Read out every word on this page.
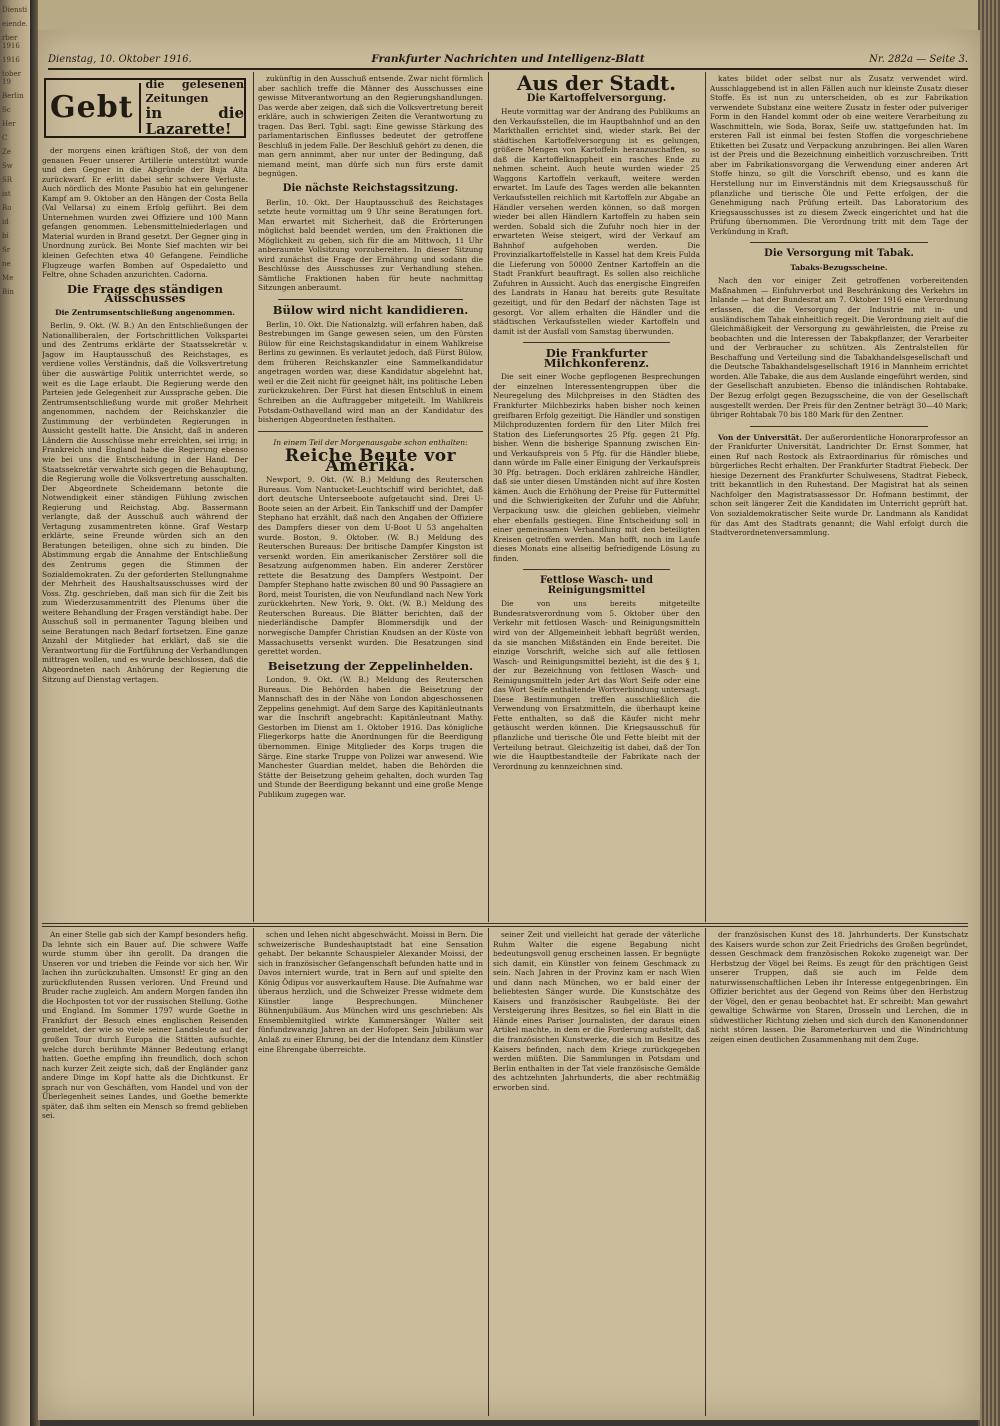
Diensti
eiende.
rber 1916
1916
tober 19
Berlin
Sc
Her
C
Ze
Sw
SR
ist
Ro
id
bi
Sr
ne
Me
Bin
Dienstag, 10. Oktober 1916.	Frankfurter Nachrichten und Intelligenz-Blatt	Nr. 282a — Seite 3.
Gebt
die gelesenen Zeitungen
in die Lazarette!

der morgens einen kräftigen Stoß, der von dem genauen Feuer unserer Artillerie unterstützt wurde und den Gegner in die Abgründe der Buja Alta zurückwarf. Er erlitt dabei sehr schwere Verluste. Auch nördlich des Monte Pasubio hat ein gelungener Kampf am 9. Oktober an den Hängen der Costa Bella (Val Vellarsa) zu einem Erfolg geführt. Bei dem Unternehmen wurden zwei Offiziere und 100 Mann gefangen genommen. Lebensmittelniederlagen und Material wurden in Brand gesetzt. Der Gegner ging in Unordnung zurück. Bei Monte Sief machten wir bei kleinen Gefechten etwa 40 Gefangene. Feindliche Flugzeuge warfen Bomben auf Ospedaletto und Feltre, ohne Schaden anzurichten. Cadorna.

Die Frage des ständigen Ausschusses
Die Zentrumsentschließung angenommen.

Berlin, 9. Okt. (W. B.) An den Entschließungen der Nationalliberalen, der Fortschrittlichen Volkspartei und des Zentrums erklärte der Staatssekretär v. Jagow im Hauptausschuß des Reichstages, es verdiene volles Verständnis, daß die Volksvertretung über die auswärtige Politik unterrichtet werde, so weit es die Lage erlaubt. Die Regierung werde den Parteien jede Gelegenheit zur Aussprache geben. Die Zentrumsentschließung wurde mit großer Mehrheit angenommen, nachdem der Reichskanzler die Zustimmung der verbündeten Regierungen in Aussicht gestellt hatte. Die Ansicht, daß in anderen Ländern die Ausschüsse mehr erreichten, sei irrig; in Frankreich und England habe die Regierung ebenso wie bei uns die Entscheidung in der Hand. Der Staatssekretär verwahrte sich gegen die Behauptung, die Regierung wolle die Volksvertretung ausschalten. Der Abgeordnete Scheidemann betonte die Notwendigkeit einer ständigen Fühlung zwischen Regierung und Reichstag. Abg. Bassermann verlangte, daß der Ausschuß auch während der Vertagung zusammentreten könne. Graf Westarp erklärte, seine Freunde würden sich an den Beratungen beteiligen, ohne sich zu binden. Die Abstimmung ergab die Annahme der Entschließung des Zentrums gegen die Stimmen der Sozialdemokraten. Zu der geforderten Stellungnahme der Mehrheit des Haushaltsausschusses wird der Voss. Ztg. geschrieben, daß man sich für die Zeit bis zum Wiederzusammentritt des Plenums über die weitere Behandlung der Fragen verständigt habe. Der Ausschuß soll in permanenter Tagung bleiben und seine Beratungen nach Bedarf fortsetzen. Eine ganze Anzahl der Mitglieder hat erklärt, daß sie die Verantwortung für die Fortführung der Verhandlungen mittragen wollen, und es wurde beschlossen, daß die Abgeordneten nach Anhörung der Regierung die Sitzung auf Dienstag vertagen.

zukünftig in den Ausschuß entsende. Zwar nicht förmlich aber sachlich treffe die Männer des Ausschusses eine gewisse Mitverantwortung an den Regierungshandlungen. Das werde aber zeigen, daß sich die Volksvertretung bereit erkläre, auch in schwierigen Zeiten die Verantwortung zu tragen. Das Berl. Tgbl. sagt: Eine gewisse Stärkung des parlamentarischen Einflusses bedeutet der getroffene Beschluß in jedem Falle. Der Beschluß gehört zu denen, die man gern annimmt, aber nur unter der Bedingung, daß niemand meint, man dürfe sich nun fürs erste damit begnügen.

Die nächste Reichstagssitzung.

Berlin, 10. Okt. Der Hauptausschuß des Reichstages setzte heute vormittag um 9 Uhr seine Beratungen fort. Man erwartet mit Sicherheit, daß die Erörterungen möglichst bald beendet werden, um den Fraktionen die Möglichkeit zu geben, sich für die am Mittwoch, 11 Uhr anberaumte Vollsitzung vorzubereiten. In dieser Sitzung wird zunächst die Frage der Ernährung und sodann die Beschlüsse des Ausschusses zur Verhandlung stehen. Sämtliche Fraktionen haben für heute nachmittag Sitzungen anberaumt.

Bülow wird nicht kandidieren.

Berlin, 10. Okt. Die Nationalztg. will erfahren haben, daß Bestrebungen im Gange gewesen seien, um den Fürsten Bülow für eine Reichstagskandidatur in einem Wahlkreise Berlins zu gewinnen. Es verlautet jedoch, daß Fürst Bülow, dem früheren Reichskanzler eine Sammelkandidatur angetragen worden war, diese Kandidatur abgelehnt hat, weil er die Zeit nicht für geeignet hält, ins politische Leben zurückzukehren. Der Fürst hat diesen Entschluß in einem Schreiben an die Auftraggeber mitgeteilt. Im Wahlkreis Potsdam-Osthavelland wird man an der Kandidatur des bisherigen Abgeordneten festhalten.

In einem Teil der Morgenausgabe schon enthalten:
Reiche Beute vor Amerika.

Newport, 9. Okt. (W. B.) Meldung des Reuterschen Bureaus. Vom Nantucket-Leuchtschiff wird berichtet, daß dort deutsche Unterseeboote aufgetaucht sind. Drei U-Boote seien an der Arbeit. Ein Tankschiff und der Dampfer Stephano hat erzählt, daß nach den Angaben der Offiziere des Dampfers dieser von dem U-Boot U 53 angehalten wurde. Boston, 9. Oktober. (W. B.) Meldung des Reuterschen Bureaus: Der britische Dampfer Kingston ist versenkt worden. Ein amerikanischer Zerstörer soll die Besatzung aufgenommen haben. Ein anderer Zerstörer rettete die Besatzung des Dampfers Westpoint. Der Dampfer Stephano hatte zwischen 80 und 90 Passagiere an Bord, meist Touristen, die von Neufundland nach New York zurückkehrten. New York, 9. Okt. (W. B.) Meldung des Reuterschen Bureaus. Die Blätter berichten, daß der niederländische Dampfer Blommersdijk und der norwegische Dampfer Christian Knudsen an der Küste von Massachusetts versenkt wurden. Die Besatzungen sind gerettet worden.

Beisetzung der Zeppelinhelden.

London, 9. Okt. (W. B.) Meldung des Reuterschen Bureaus. Die Behörden haben die Beisetzung der Mannschaft des in der Nähe von London abgeschossenen Zeppelins genehmigt. Auf dem Sarge des Kapitänleutnants war die Inschrift angebracht: Kapitänleutnant Mathy. Gestorben im Dienst am 1. Oktober 1916. Das königliche Fliegerkorps hatte die Anordnungen für die Beerdigung übernommen. Einige Mitglieder des Korps trugen die Särge. Eine starke Truppe von Polizei war anwesend. Wie Manchester Guardian meldet, haben die Behörden die Stätte der Beisetzung geheim gehalten, doch wurden Tag und Stunde der Beerdigung bekannt und eine große Menge Publikum zugegen war.

Aus der Stadt.
Die Kartoffelversorgung.

Heute vormittag war der Andrang des Publikums an den Verkaufsstellen, die im Hauptbahnhof und an den Markthallen errichtet sind, wieder stark. Bei der städtischen Kartoffelversorgung ist es gelungen, größere Mengen von Kartoffeln heranzuschaffen, so daß die Kartoffelknappheit ein rasches Ende zu nehmen scheint. Auch heute wurden wieder 25 Waggons Kartoffeln verkauft, weitere werden erwartet. Im Laufe des Tages werden alle bekannten Verkaufsstellen reichlich mit Kartoffeln zur Abgabe an Händler versehen werden können, so daß morgen wieder bei allen Händlern Kartoffeln zu haben sein werden. Sobald sich die Zufuhr noch hier in der erwarteten Weise steigert, wird der Verkauf am Bahnhof aufgehoben werden. Die Provinzialkartoffelstelle in Kassel hat dem Kreis Fulda die Lieferung von 50000 Zentner Kartoffeln an die Stadt Frankfurt beauftragt. Es sollen also reichliche Zufuhren in Aussicht. Auch das energische Eingreifen des Landrats in Hanau hat bereits gute Resultate gezeitigt, und für den Bedarf der nächsten Tage ist gesorgt. Vor allem erhalten die Händler und die städtischen Verkaufsstellen wieder Kartoffeln und damit ist der Ausfall vom Samstag überwunden.

Die Frankfurter Milchkonferenz.

Die seit einer Woche gepflogenen Besprechungen der einzelnen Interessentengruppen über die Neuregelung des Milchpreises in den Städten des Frankfurter Milchbezirks haben bisher noch keinen greifbaren Erfolg gezeitigt. Die Händler und sonstigen Milchproduzenten fordern für den Liter Milch frei Station des Lieferungsortes 25 Pfg. gegen 21 Pfg. bisher. Wenn die bisherige Spannung zwischen Ein- und Verkaufspreis von 5 Pfg. für die Händler bliebe, dann würde im Falle einer Einigung der Verkaufspreis 30 Pfg. betragen. Doch erklären zahlreiche Händler, daß sie unter diesen Umständen nicht auf ihre Kosten kämen. Auch die Erhöhung der Preise für Futtermittel und die Schwierigkeiten der Zufuhr und die Abfuhr, Verpackung usw. die gleichen geblieben, vielmehr eher ebenfalls gestiegen. Eine Entscheidung soll in einer gemeinsamen Verhandlung mit den beteiligten Kreisen getroffen werden. Man hofft, noch im Laufe dieses Monats eine allseitig befriedigende Lösung zu finden.

Fettlose Wasch- und Reinigungsmittel

Die von uns bereits mitgeteilte Bundesratsverordnung vom 5. Oktober über den Verkehr mit fettlosen Wasch- und Reinigungsmitteln wird von der Allgemeinheit lebhaft begrüßt werden, da sie manchen Mißständen ein Ende bereitet. Die einzige Vorschrift, welche sich auf alle fettlosen Wasch- und Reinigungsmittel bezieht, ist die des § 1, der zur Bezeichnung von fettlosen Wasch- und Reinigungsmitteln jeder Art das Wort Seife oder eine das Wort Seife enthaltende Wortverbindung untersagt. Diese Bestimmungen treffen ausschließlich die Verwendung von Ersatzmitteln, die überhaupt keine Fette enthalten, so daß die Käufer nicht mehr getäuscht werden können. Die Kriegsausschuß für pflanzliche und tierische Öle und Fette bleibt mit der Verteilung betraut. Gleichzeitig ist dabei, daß der Ton wie die Hauptbestandteile der Fabrikate nach der Verordnung zu kennzeichnen sind.

kates bildet oder selbst nur als Zusatz verwendet wird. Ausschlaggebend ist in allen Fällen auch nur kleinste Zusatz dieser Stoffe. Es ist nun zu unterscheiden, ob es zur Fabrikation verwendete Substanz eine weitere Zusatz in fester oder pulveriger Form in den Handel kommt oder ob eine weitere Verarbeitung zu Waschmitteln, wie Soda, Borax, Seife uw. stattgefunden hat. Im ersteren Fall ist einmal bei festen Stoffen die vorgeschriebene Etiketten bei Zusatz und Verpackung anzubringen. Bei allen Waren ist der Preis und die Bezeichnung einheitlich vorzuschreiben. Tritt aber im Fabrikationsvorgang die Verwendung einer anderen Art Stoffe hinzu, so gilt die Vorschrift ebenso, und es kann die Herstellung nur im Einverständnis mit dem Kriegsausschuß für pflanzliche und tierische Öle und Fette erfolgen, der die Genehmigung nach Prüfung erteilt. Das Laboratorium des Kriegsausschusses ist zu diesem Zweck eingerichtet und hat die Prüfung übernommen. Die Verordnung tritt mit dem Tage der Verkündung in Kraft.

Die Versorgung mit Tabak.
Tabaks-Bezugsscheine.

Nach den vor einiger Zeit getroffenen vorbereitenden Maßnahmen — Einfuhrverbot und Beschränkung des Verkehrs im Inlande — hat der Bundesrat am 7. Oktober 1916 eine Verordnung erlassen, die die Versorgung der Industrie mit in- und ausländischem Tabak einheitlich regelt. Die Verordnung zielt auf die Gleichmäßigkeit der Versorgung zu gewährleisten, die Preise zu beobachten und die Interessen der Tabakpflanzer, der Verarbeiter und der Verbraucher zu schützen. Als Zentralstellen für Beschaffung und Verteilung sind die Tabakhandelsgesellschaft und die Deutsche Tabakhandelsgesellschaft 1916 in Mannheim errichtet worden. Alle Tabake, die aus dem Auslande eingeführt werden, sind der Gesellschaft anzubieten. Ebenso die inländischen Rohtabake. Der Bezug erfolgt gegen Bezugsscheine, die von der Gesellschaft ausgestellt werden. Der Preis für den Zentner beträgt 30—40 Mark; übriger Rohtabak 70 bis 180 Mark für den Zentner.

Von der Universität. Der außerordentliche Honorarprofessor an der Frankfurter Universität, Landrichter Dr. Ernst Sommer, hat einen Ruf nach Rostock als Extraordinarius für römisches und bürgerliches Recht erhalten. Der Frankfurter Stadtrat Fiebeck. Der hiesige Dezernent des Frankfurter Schulwesens, Stadtrat Fiebeck, tritt bekanntlich in den Ruhestand. Der Magistrat hat als seinen Nachfolger den Magistratsassessor Dr. Hofmann bestimmt, der schon seit längerer Zeit die Kandidaten im Unterricht geprüft hat. Von sozialdemokratischer Seite wurde Dr. Landmann als Kandidat für das Amt des Stadtrats genannt; die Wahl erfolgt durch die Stadtverordnetenversammlung.

An einer Stelle gab sich der Kampf besonders hefig. Da lehnte sich ein Bauer auf. Die schwere Waffe wurde stumm über ihn gerollt. Da drangen die Unseren vor und trieben die Feinde vor sich her. Wir lachen ihn zurückzuhalten. Umsonst! Er ging an den zurückflutenden Russen verloren. Und Freund und Bruder rache zugleich. Am andern Morgen fanden ihn die Hochposten tot vor der russischen Stellung. Gothe und England. Im Sommer 1797 wurde Goethe in Frankfurt der Besuch eines englischen Reisenden gemeldet, der wie so viele seiner Landsleute auf der großen Tour durch Europa die Stätten aufsuchte, welche durch berühmte Männer Bedeutung erlangt hatten. Goethe empfing ihn freundlich, doch schon nach kurzer Zeit zeigte sich, daß der Engländer ganz andere Dinge im Kopf hatte als die Dichtkunst. Er sprach nur von Geschäften, vom Handel und von der Überlegenheit seines Landes, und Goethe bemerkte später, daß ihm selten ein Mensch so fremd geblieben sei.

schen und Iehen nicht abgeschwächt. Moissi in Bern. Die schweizerische Bundeshauptstadt hat eine Sensation gehabt. Der bekannte Schauspieler Alexander Moissi, der sich in französischer Gefangenschaft befunden hatte und in Davos interniert wurde, trat in Bern auf und spielte den König Ödipus vor ausverkauftem Hause. Die Aufnahme war überaus herzlich, und die Schweizer Presse widmete dem Künstler lange Besprechungen. Münchener Bühnenjubiläum. Aus München wird uns geschrieben: Als Ensemblemitglied wirkte Kammersänger Walter seit fünfundzwanzig Jahren an der Hofoper. Sein Jubiläum war Anlaß zu einer Ehrung, bei der die Intendanz dem Künstler eine Ehrengabe überreichte.

seiner Zeit und vielleicht hat gerade der väterliche Ruhm Walter die eigene Begabung nicht bedeutungsvoll genug erscheinen lassen. Er begnügte sich damit, ein Künstler von feinem Geschmack zu sein. Nach Jahren in der Provinz kam er nach Wien und dann nach München, wo er bald einer der beliebtesten Sänger wurde. Die Kunstschätze des Kaisers und französischer Raubgelüste. Bei der Versteigerung ihres Besitzes, so fiel ein Blatt in die Hände eines Pariser Journalisten, der daraus einen Artikel machte, in dem er die Forderung aufstellt, daß die französischen Kunstwerke, die sich im Besitze des Kaisers befinden, nach dem Kriege zurückgegeben werden müßten. Die Sammlungen in Potsdam und Berlin enthalten in der Tat viele französische Gemälde des achtzehnten Jahrhunderts, die aber rechtmäßig erworben sind.

der französischen Kunst des 18. Jahrhunderts. Der Kunstschatz des Kaisers wurde schon zur Zeit Friedrichs des Großen begründet, dessen Geschmack dem französischen Rokoko zugeneigt war. Der Herbstzug der Vögel bei Reims. Es zeugt für den prächtigen Geist unserer Truppen, daß sie auch im Felde dem naturwissenschaftlichen Leben ihr Interesse entgegenbringen. Ein Offizier berichtet aus der Gegend von Reims über den Herbstzug der Vögel, den er genau beobachtet hat. Er schreibt: Man gewahrt gewaltige Schwärme von Staren, Drosseln und Lerchen, die in südwestlicher Richtung ziehen und sich durch den Kanonendonner nicht stören lassen. Die Barometerkurven und die Windrichtung zeigen einen deutlichen Zusammenhang mit dem Zuge.
